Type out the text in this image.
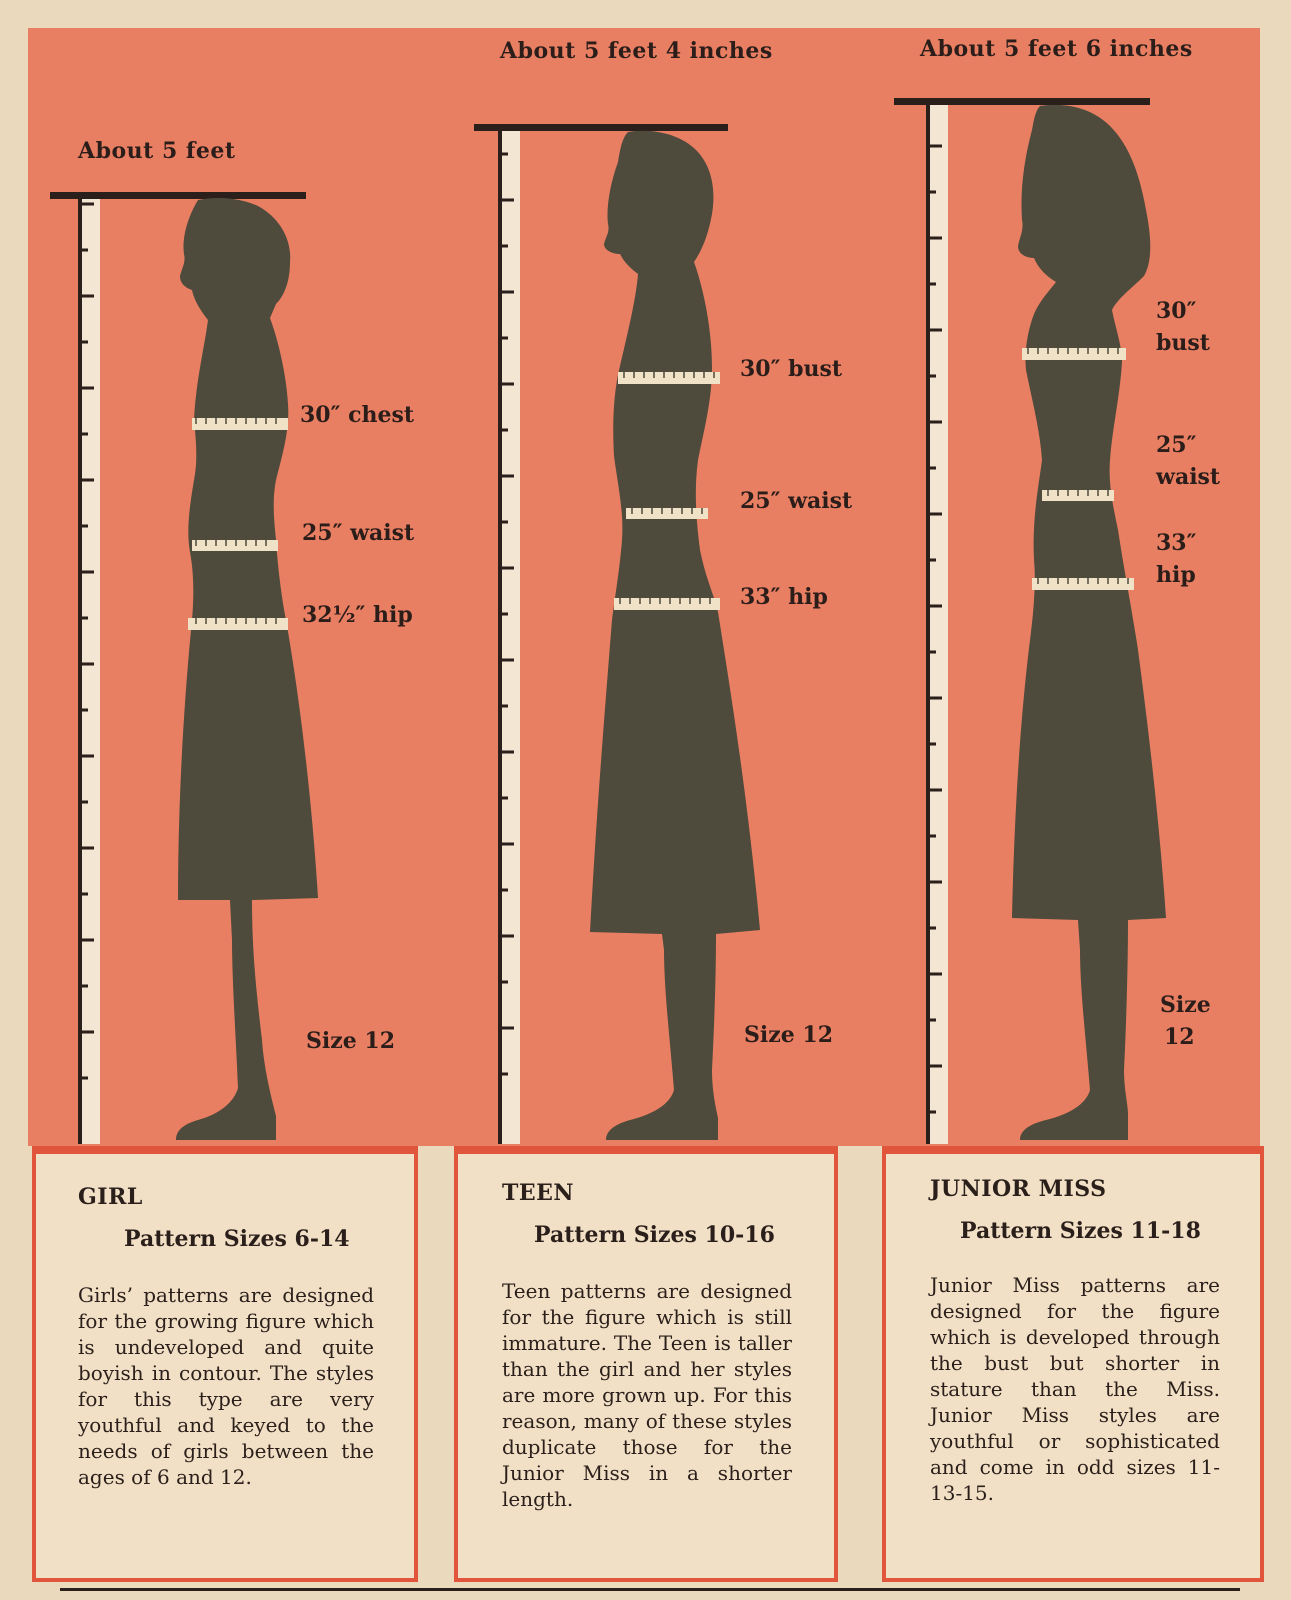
About 5 feet
About 5 feet 4 inches	About 5 feet 6 inches
30″ chest
25″ waist
32½″ hip
Size 12
30″ bust
25″ waist
33″ hip
Size 12
30″
bust
25″
waist
33″
hip
Size
12
GIRL
Pattern Sizes 6-14
Girls’ patterns are designed for the growing figure which is undeveloped and quite boyish in contour. The styles for this type are very youthful and keyed to the needs of girls between the ages of 6 and 12.
TEEN
Pattern Sizes 10-16
Teen patterns are designed for the figure which is still immature. The Teen is taller than the girl and her styles are more grown up. For this reason, many of these styles duplicate those for the Junior Miss in a shorter length.
JUNIOR MISS
Pattern Sizes 11-18
Junior Miss patterns are designed for the figure which is developed through the bust but shorter in stature than the Miss. Junior Miss styles are youthful or sophisticated and come in odd sizes 11-13-15.
